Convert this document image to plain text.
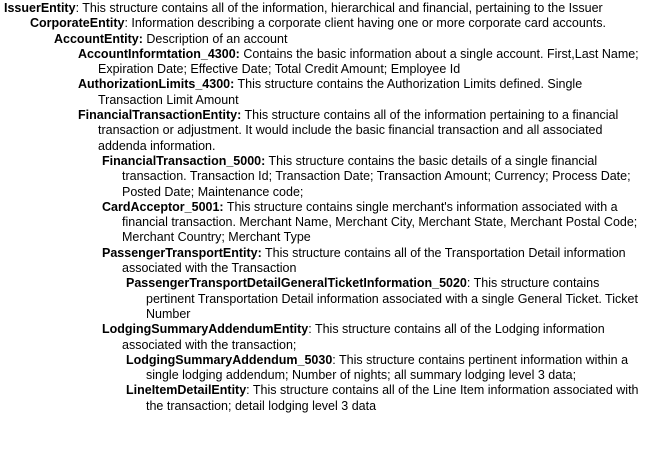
IssuerEntity: This structure contains all of the information, hierarchical and financial, pertaining to the Issuer

CorporateEntity: Information describing a corporate client having one or more corporate card accounts.

AccountEntity: Description of an account

AccountInformtation_4300: Contains the basic information about a single account. First,Last Name; Expiration Date; Effective Date; Total Credit Amount; Employee Id

AuthorizationLimits_4300: This structure contains the Authorization Limits defined. Single Transaction Limit Amount

FinancialTransactionEntity: This structure contains all of the information pertaining to a financial transaction or adjustment. It would include the basic financial transaction and all associated addenda information.

FinancialTransaction_5000: This structure contains the basic details of a single financial transaction. Transaction Id; Transaction Date; Transaction Amount; Currency; Process Date; Posted Date; Maintenance code;

CardAcceptor_5001: This structure contains single merchant's information associated with a financial transaction. Merchant Name, Merchant City, Merchant State, Merchant Postal Code; Merchant Country; Merchant Type

PassengerTransportEntity: This structure contains all of the Transportation Detail information associated with the Transaction

PassengerTransportDetailGeneralTicketInformation_5020: This structure contains pertinent Transportation Detail information associated with a single General Ticket. Ticket Number

LodgingSummaryAddendumEntity: This structure contains all of the Lodging information associated with the transaction;

LodgingSummaryAddendum_5030: This structure contains pertinent information within a single lodging addendum; Number of nights; all summary lodging level 3 data;

LineItemDetailEntity: This structure contains all of the Line Item information associated with the transaction; detail lodging level 3 data
